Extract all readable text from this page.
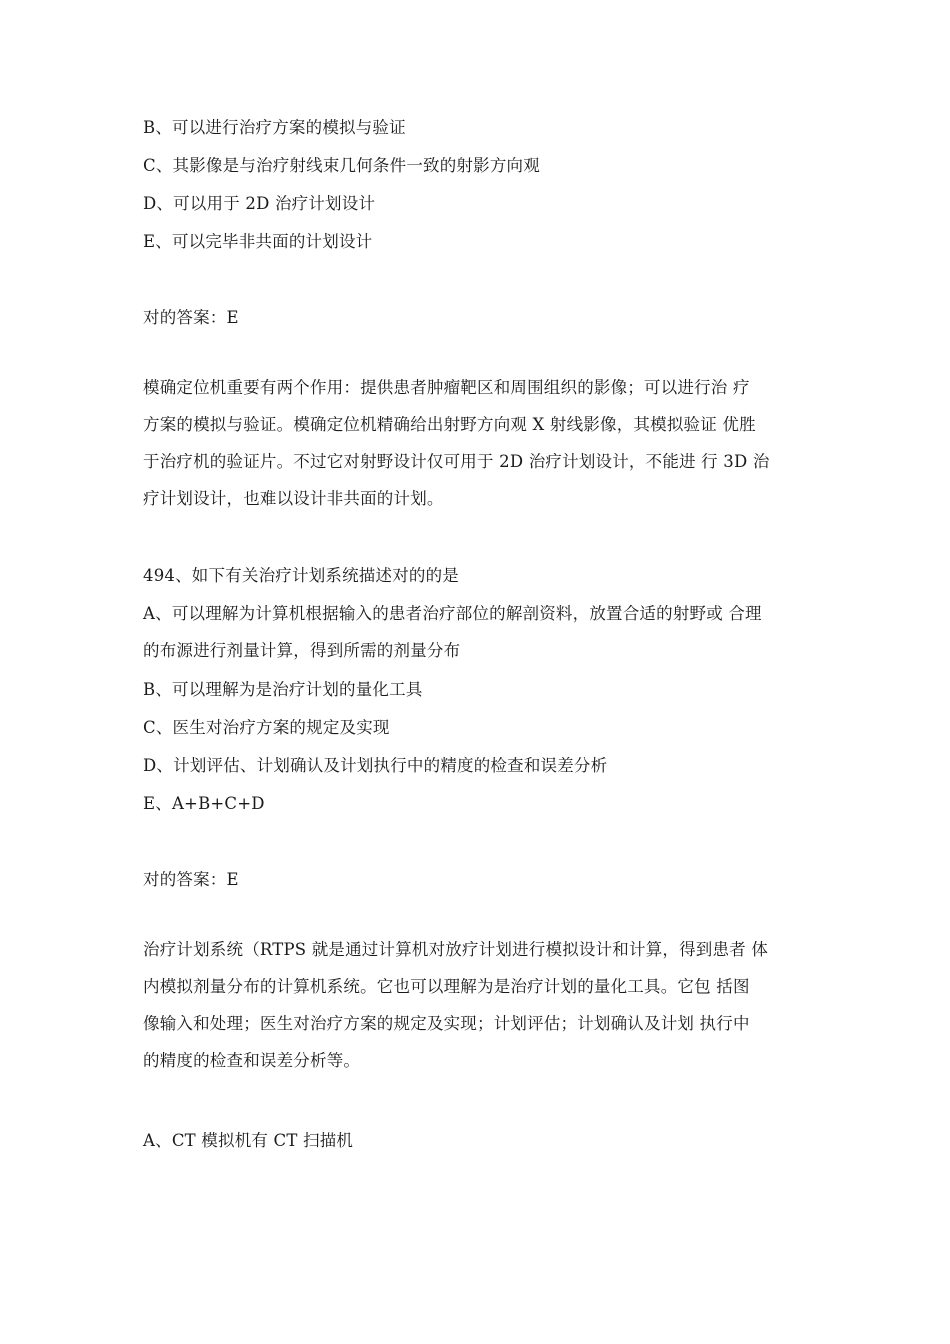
B、可以进行治疗方案的模拟与验证
C、其影像是与治疗射线束几何条件一致的射影方向观
D、可以用于 2D 治疗计划设计
E、可以完毕非共面的计划设计
对的答案：E
模确定位机重要有两个作用：提供患者肿瘤靶区和周围组织的影像；可以进行治 疗
方案的模拟与验证。模确定位机精确给出射野方向观 X 射线影像，其模拟验证 优胜
于治疗机的验证片。不过它对射野设计仅可用于 2D 治疗计划设计，不能进 行 3D 治
疗计划设计，也难以设计非共面的计划。
494、如下有关治疗计划系统描述对的的是
A、可以理解为计算机根据输入的患者治疗部位的解剖资料，放置合适的射野或 合理
的布源进行剂量计算，得到所需的剂量分布
B、可以理解为是治疗计划的量化工具
C、医生对治疗方案的规定及实现
D、计划评估、计划确认及计划执行中的精度的检查和误差分析
E、A+B+C+D
对的答案：E
治疗计划系统（RTPS 就是通过计算机对放疗计划进行模拟设计和计算，得到患者 体
内模拟剂量分布的计算机系统。它也可以理解为是治疗计划的量化工具。它包 括图
像输入和处理；医生对治疗方案的规定及实现；计划评估；计划确认及计划 执行中
的精度的检查和误差分析等。
A、CT 模拟机有 CT 扫描机
